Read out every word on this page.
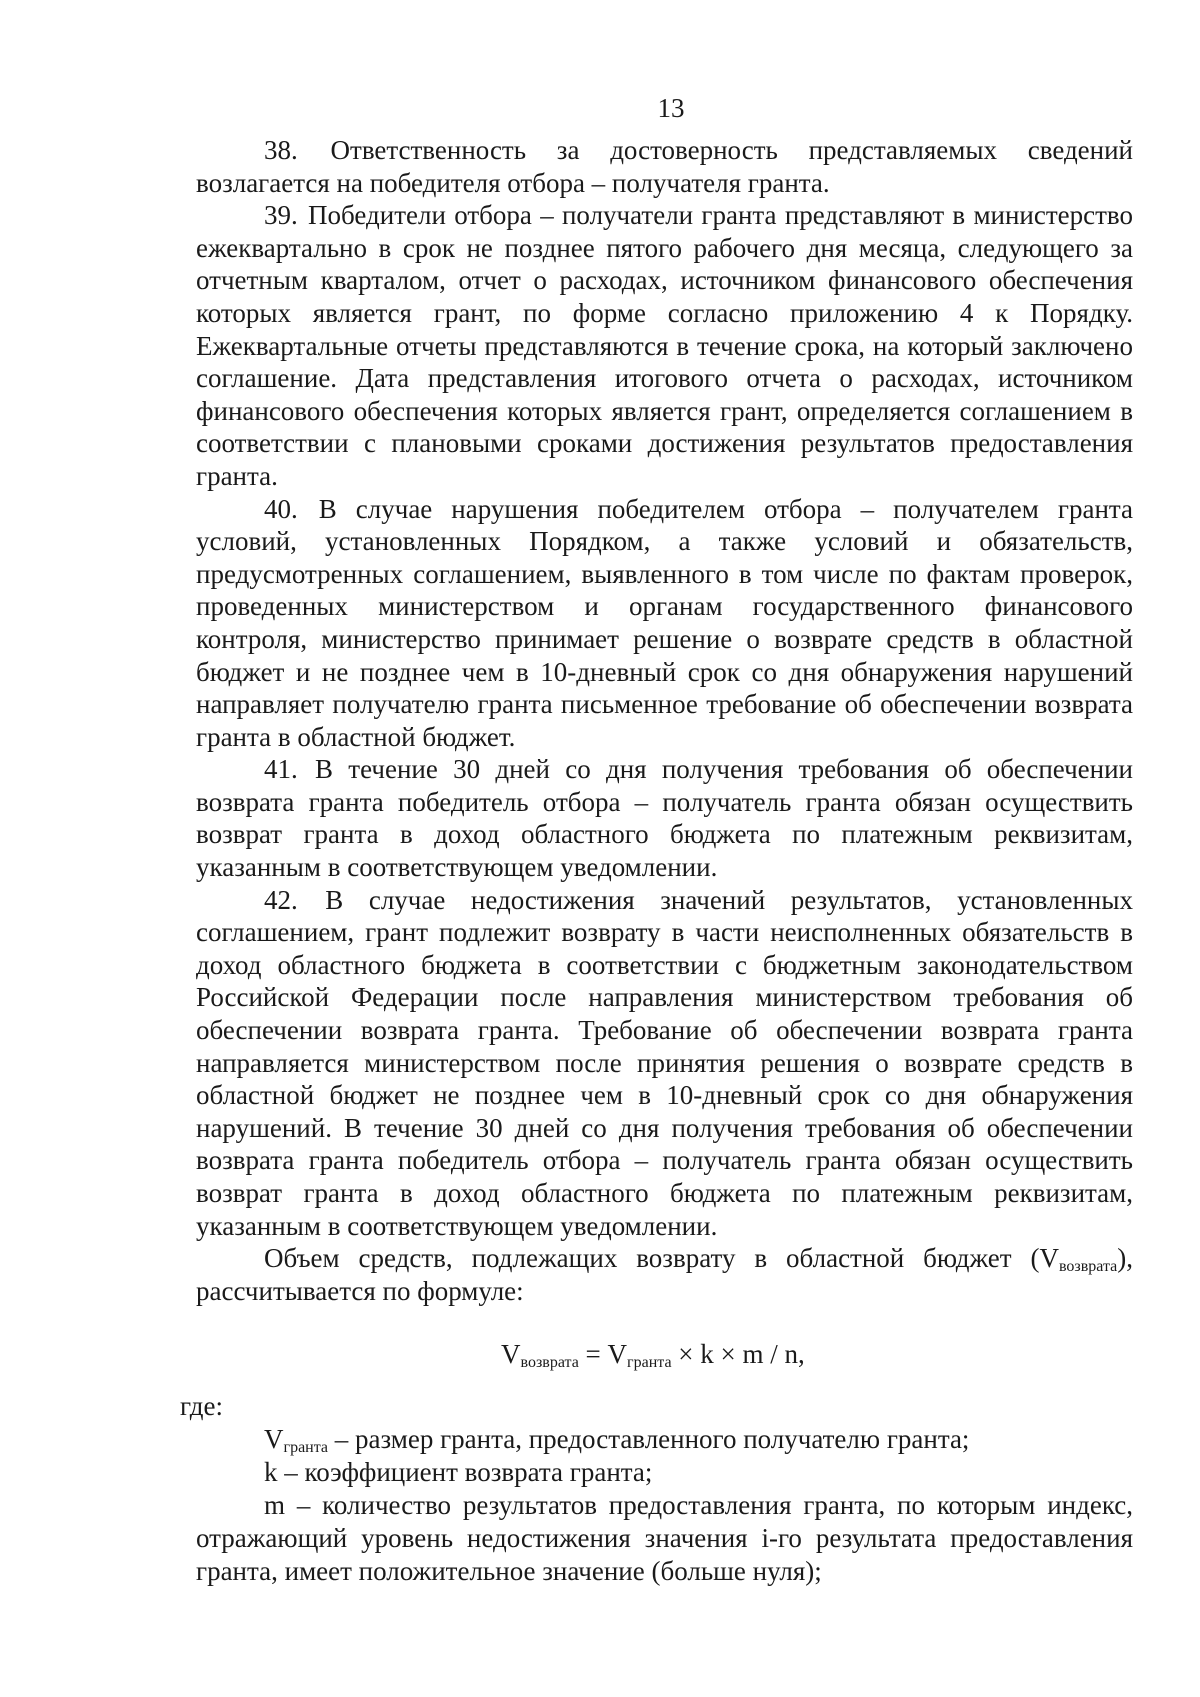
13

38. Ответственность за достоверность представляемых сведений возлагается на победителя отбора – получателя гранта.

39. Победители отбора – получатели гранта представляют в министерство ежеквартально в срок не позднее пятого рабочего дня месяца, следующего за отчетным кварталом, отчет о расходах, источником финансового обеспечения которых является грант, по форме согласно приложению 4 к Порядку. Ежеквартальные отчеты представляются в течение срока, на который заключено соглашение. Дата представления итогового отчета о расходах, источником финансового обеспечения которых является грант, определяется соглашением в соответствии с плановыми сроками достижения результатов предоставления гранта.

40. В случае нарушения победителем отбора – получателем гранта условий, установленных Порядком, а также условий и обязательств, предусмотренных соглашением, выявленного в том числе по фактам проверок, проведенных министерством и органам государственного финансового контроля, министерство принимает решение о возврате средств в областной бюджет и не позднее чем в 10-дневный срок со дня обнаружения нарушений направляет получателю гранта письменное требование об обеспечении возврата гранта в областной бюджет.

41. В течение 30 дней со дня получения требования об обеспечении возврата гранта победитель отбора – получатель гранта обязан осуществить возврат гранта в доход областного бюджета по платежным реквизитам, указанным в соответствующем уведомлении.

42. В случае недостижения значений результатов, установленных соглашением, грант подлежит возврату в части неисполненных обязательств в доход областного бюджета в соответствии с бюджетным законодательством Российской Федерации после направления министерством требования об обеспечении возврата гранта. Требование об обеспечении возврата гранта направляется министерством после принятия решения о возврате средств в областной бюджет не позднее чем в 10-дневный срок со дня обнаружения нарушений. В течение 30 дней со дня получения требования об обеспечении возврата гранта победитель отбора – получатель гранта обязан осуществить возврат гранта в доход областного бюджета по платежным реквизитам, указанным в соответствующем уведомлении.

Объем средств, подлежащих возврату в областной бюджет $(V_{возврата})$, рассчитывается по формуле:

$V_{возврата} = V_{гранта} \times k \times m / n$,

где:

$V_{гранта}$ – размер гранта, предоставленного получателю гранта;

k – коэффициент возврата гранта;

m – количество результатов предоставления гранта, по которым индекс, отражающий уровень недостижения значения i-го результата предоставления гранта, имеет положительное значение (больше нуля);
